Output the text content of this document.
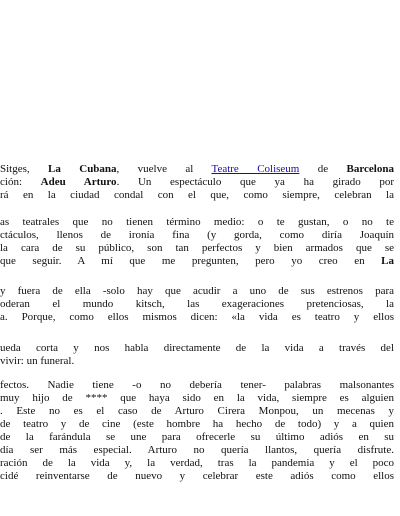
Sitges, La Cubana, vuelve al Teatre Coliseum de Barcelona
ción: Adeu Arturo. Un espectáculo que ya ha girado por
rá en la ciudad condal con el que, como siempre, celebran la
as teatrales que no tienen término medio: o te gustan, o no te
ctáculos, llenos de ironía fina (y gorda, como diría Joaquín
la cara de su público, son tan perfectos y bien armados que se
que seguir. A mí que me pregunten, pero yo creo en La
y fuera de ella -solo hay que acudir a uno de sus estrenos para
oderan el mundo kitsch, las exageraciones pretenciosas, la
a. Porque, como ellos mismos dicen: «la vida es teatro y ellos
ueda corta y nos habla directamente de la vida a través del
vivir: un funeral.
fectos. Nadie tiene -o no debería tener- palabras malsonantes
muy hijo de **** que haya sido en la vida, siempre es alguien
. Este no es el caso de Arturo Cirera Monpou, un mecenas y
de teatro y de cine (este hombre ha hecho de todo) y a quien
de la farándula se une para ofrecerle su último adiós en su
día ser más especial. Arturo no quería llantos, quería disfrute.
ración de la vida y, la verdad, tras la pandemia y el poco
cidé reinventarse de nuevo y celebrar este adiós como ellos
